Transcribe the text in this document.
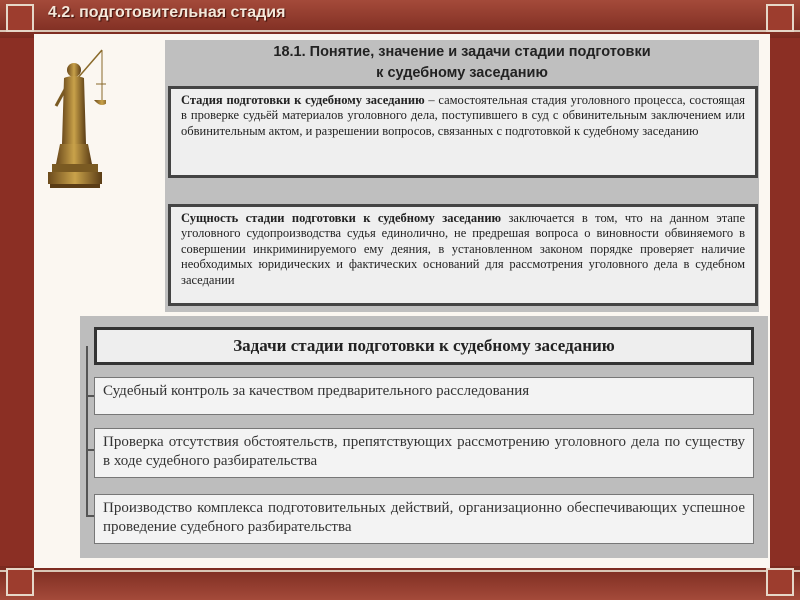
4.2. подготовительная стадия
18.1. Понятие, значение и задачи стадии подготовки
к судебному заседанию
Стадия подготовки к судебному заседанию – самостоятельная стадия уголовного процесса, состоящая в проверке судьёй материалов уголовного дела, поступившего в суд с обвинительным заключением или обвинительным актом, и разрешении вопросов, связанных с подготовкой к судебному заседанию
Сущность стадии подготовки к судебному заседанию заключается в том, что на данном этапе уголовного судопроизводства судья единолично, не предрешая вопроса о виновности обвиняемого в совершении инкриминируемого ему деяния, в установленном законом порядке проверяет наличие необходимых юридических и фактических оснований для рассмотрения уголовного дела в судебном заседании
Задачи стадии подготовки к судебному заседанию
Судебный контроль за качеством предварительного расследования
Проверка отсутствия обстоятельств, препятствующих рассмотрению уголовного дела по существу в ходе судебного разбирательства
Производство комплекса подготовительных действий, организационно обеспечивающих успешное проведение судебного разбирательства
